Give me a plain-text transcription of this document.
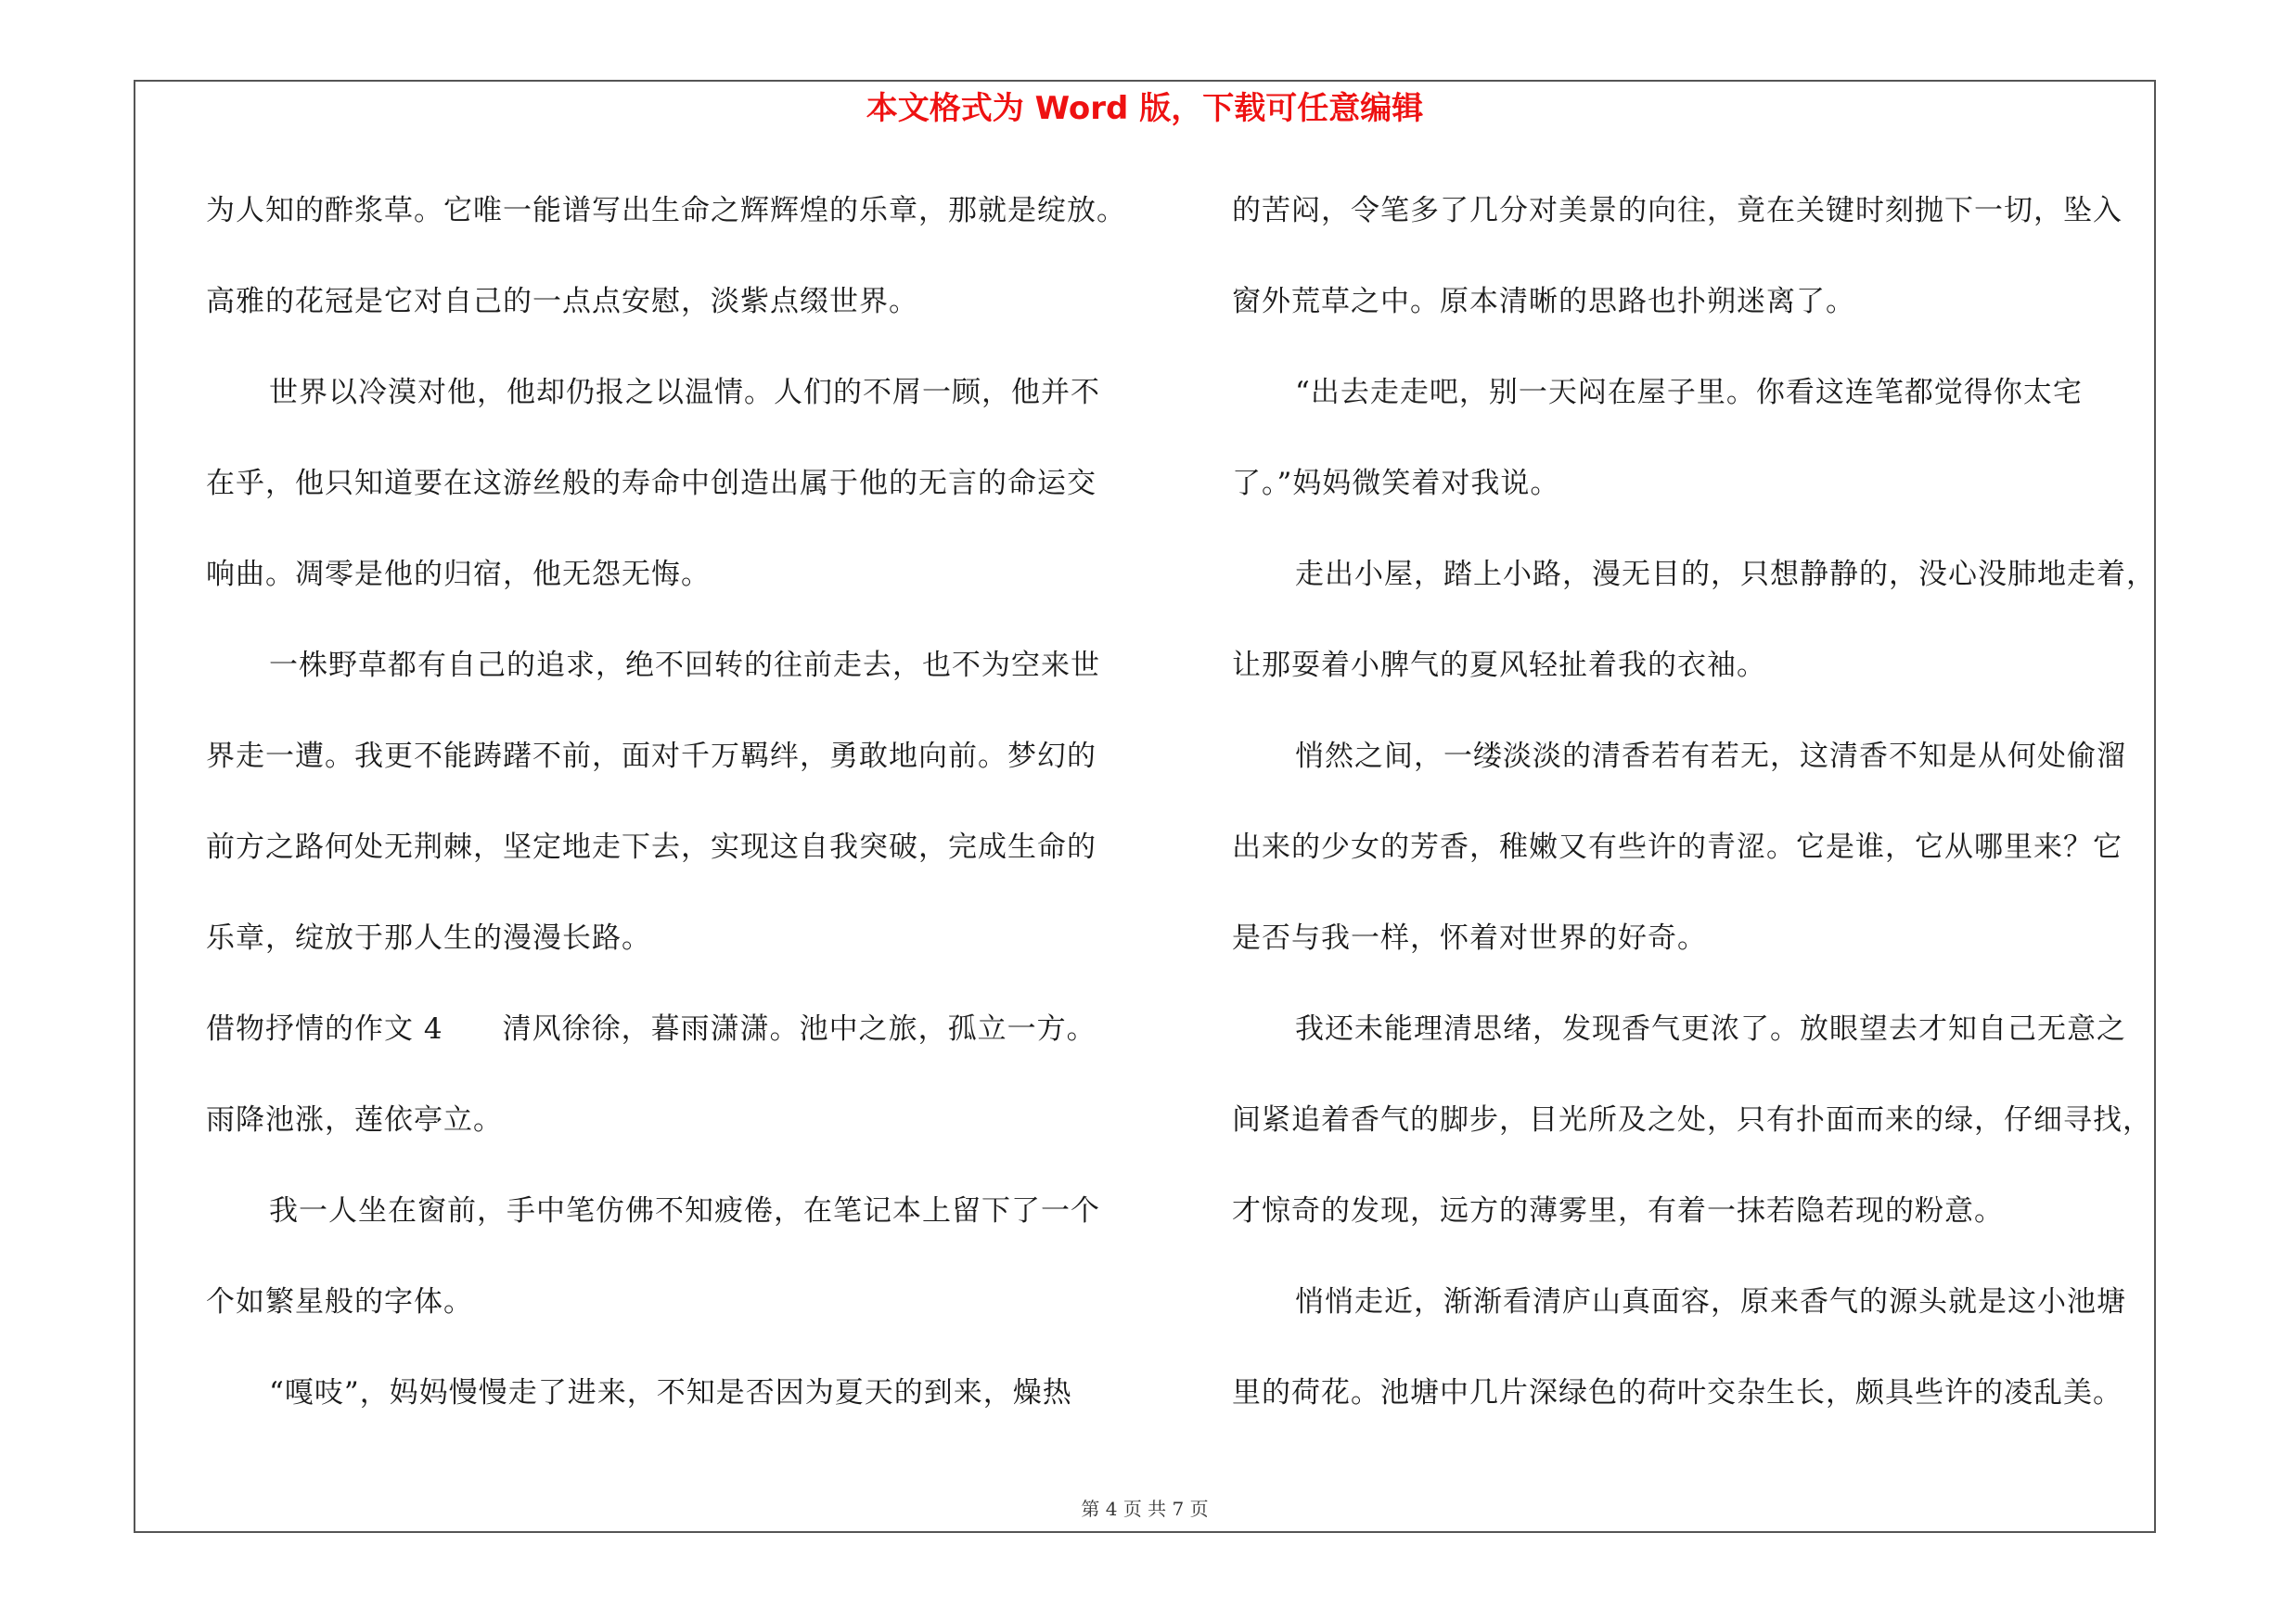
本文格式为 Word 版，下载可任意编辑
为人知的酢浆草。它唯一能谱写出生命之辉辉煌的乐章，那就是绽放。
高雅的花冠是它对自己的一点点安慰，淡紫点缀世界。
世界以冷漠对他，他却仍报之以温情。人们的不屑一顾，他并不
在乎，他只知道要在这游丝般的寿命中创造出属于他的无言的命运交
响曲。凋零是他的归宿，他无怨无悔。
一株野草都有自己的追求，绝不回转的往前走去，也不为空来世
界走一遭。我更不能踌躇不前，面对千万羁绊，勇敢地向前。梦幻的
前方之路何处无荆棘，坚定地走下去，实现这自我突破，完成生命的
乐章，绽放于那人生的漫漫长路。
借物抒情的作文 4　　清风徐徐，暮雨潇潇。池中之旅，孤立一方。
雨降池涨，莲依亭立。
我一人坐在窗前，手中笔仿佛不知疲倦，在笔记本上留下了一个
个如繁星般的字体。
“嘎吱”，妈妈慢慢走了进来，不知是否因为夏天的到来，燥热
的苦闷，令笔多了几分对美景的向往，竟在关键时刻抛下一切，坠入
窗外荒草之中。原本清晰的思路也扑朔迷离了。
“出去走走吧，别一天闷在屋子里。你看这连笔都觉得你太宅
了。”妈妈微笑着对我说。
走出小屋，踏上小路，漫无目的，只想静静的，没心没肺地走着，
让那耍着小脾气的夏风轻扯着我的衣袖。
悄然之间，一缕淡淡的清香若有若无，这清香不知是从何处偷溜
出来的少女的芳香，稚嫩又有些许的青涩。它是谁，它从哪里来？它
是否与我一样，怀着对世界的好奇。
我还未能理清思绪，发现香气更浓了。放眼望去才知自己无意之
间紧追着香气的脚步，目光所及之处，只有扑面而来的绿，仔细寻找，
才惊奇的发现，远方的薄雾里，有着一抹若隐若现的粉意。
悄悄走近，渐渐看清庐山真面容，原来香气的源头就是这小池塘
里的荷花。池塘中几片深绿色的荷叶交杂生长，颇具些许的凌乱美。
第 4 页 共 7 页
